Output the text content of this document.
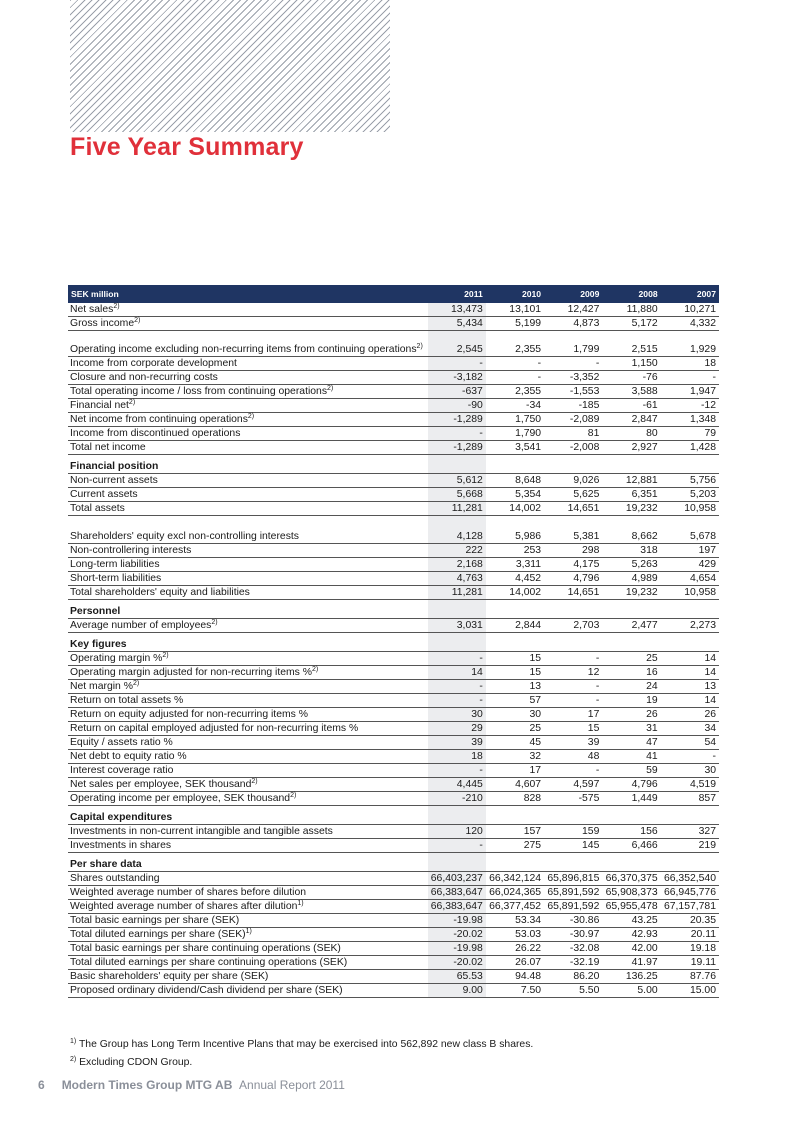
Five Year Summary
SEK million	2011	2010	2009	2008	2007
Net sales$^{2)}$	13,473	13,101	12,427	11,880	10,271
Gross income$^{2)}$	5,434	5,199	4,873	5,172	4,332
Operating income excluding non-recurring items from continuing operations$^{2)}$	2,545	2,355	1,799	2,515	1,929
Income from corporate development	-	-	-	1,150	18
Closure and non-recurring costs	-3,182	-	-3,352	-76	-
Total operating income / loss from continuing operations$^{2)}$	-637	2,355	-1,553	3,588	1,947
Financial net$^{2)}$	-90	-34	-185	-61	-12
Net income from continuing operations$^{2)}$	-1,289	1,750	-2,089	2,847	1,348
Income from discontinued operations	-	1,790	81	80	79
Total net income	-1,289	3,541	-2,008	2,927	1,428
Financial position					
Non-current assets	5,612	8,648	9,026	12,881	5,756
Current assets	5,668	5,354	5,625	6,351	5,203
Total assets	11,281	14,002	14,651	19,232	10,958

Shareholders' equity excl non-controlling interests	4,128	5,986	5,381	8,662	5,678
Non-controllering interests	222	253	298	318	197
Long-term liabilities	2,168	3,311	4,175	5,263	429
Short-term liabilities	4,763	4,452	4,796	4,989	4,654
Total shareholders' equity and liabilities	11,281	14,002	14,651	19,232	10,958
Personnel					
Average number of employees$^{2)}$	3,031	2,844	2,703	2,477	2,273
Key figures					
Operating margin %$^{2)}$	-	15	-	25	14
Operating margin adjusted for non-recurring items %$^{2)}$	14	15	12	16	14
Net margin %$^{2)}$	-	13	-	24	13
Return on total assets %	-	57	-	19	14
Return on equity adjusted for non-recurring items %	30	30	17	26	26
Return on capital employed adjusted for non-recurring items %	29	25	15	31	34
Equity / assets ratio %	39	45	39	47	54
Net debt to equity ratio %	18	32	48	41	-
Interest coverage ratio	-	17	-	59	30
Net sales per employee, SEK thousand$^{2)}$	4,445	4,607	4,597	4,796	4,519
Operating income per employee, SEK thousand$^{2)}$	-210	828	-575	1,449	857
Capital expenditures					
Investments in non-current intangible and tangible assets	120	157	159	156	327
Investments in shares	-	275	145	6,466	219
Per share data					
Shares outstanding	66,403,237	66,342,124	65,896,815	66,370,375	66,352,540
Weighted average number of shares before dilution	66,383,647	66,024,365	65,891,592	65,908,373	66,945,776
Weighted average number of shares after dilution$^{1)}$	66,383,647	66,377,452	65,891,592	65,955,478	67,157,781
Total basic earnings per share (SEK)	-19.98	53.34	-30.86	43.25	20.35
Total diluted earnings per share (SEK)$^{1)}$	-20.02	53.03	-30.97	42.93	20.11
Total basic earnings per share continuing operations (SEK)	-19.98	26.22	-32.08	42.00	19.18
Total diluted earnings per share continuing operations (SEK)	-20.02	26.07	-32.19	41.97	19.11
Basic shareholders' equity per share (SEK)	65.53	94.48	86.20	136.25	87.76
Proposed ordinary dividend/Cash dividend per share (SEK)	9.00	7.50	5.50	5.00	15.00
$^{1)}$ The Group has Long Term Incentive Plans that may be exercised into 562,892 new class B shares.
$^{2)}$ Excluding CDON Group.
6 Modern Times Group MTG AB Annual Report 2011
